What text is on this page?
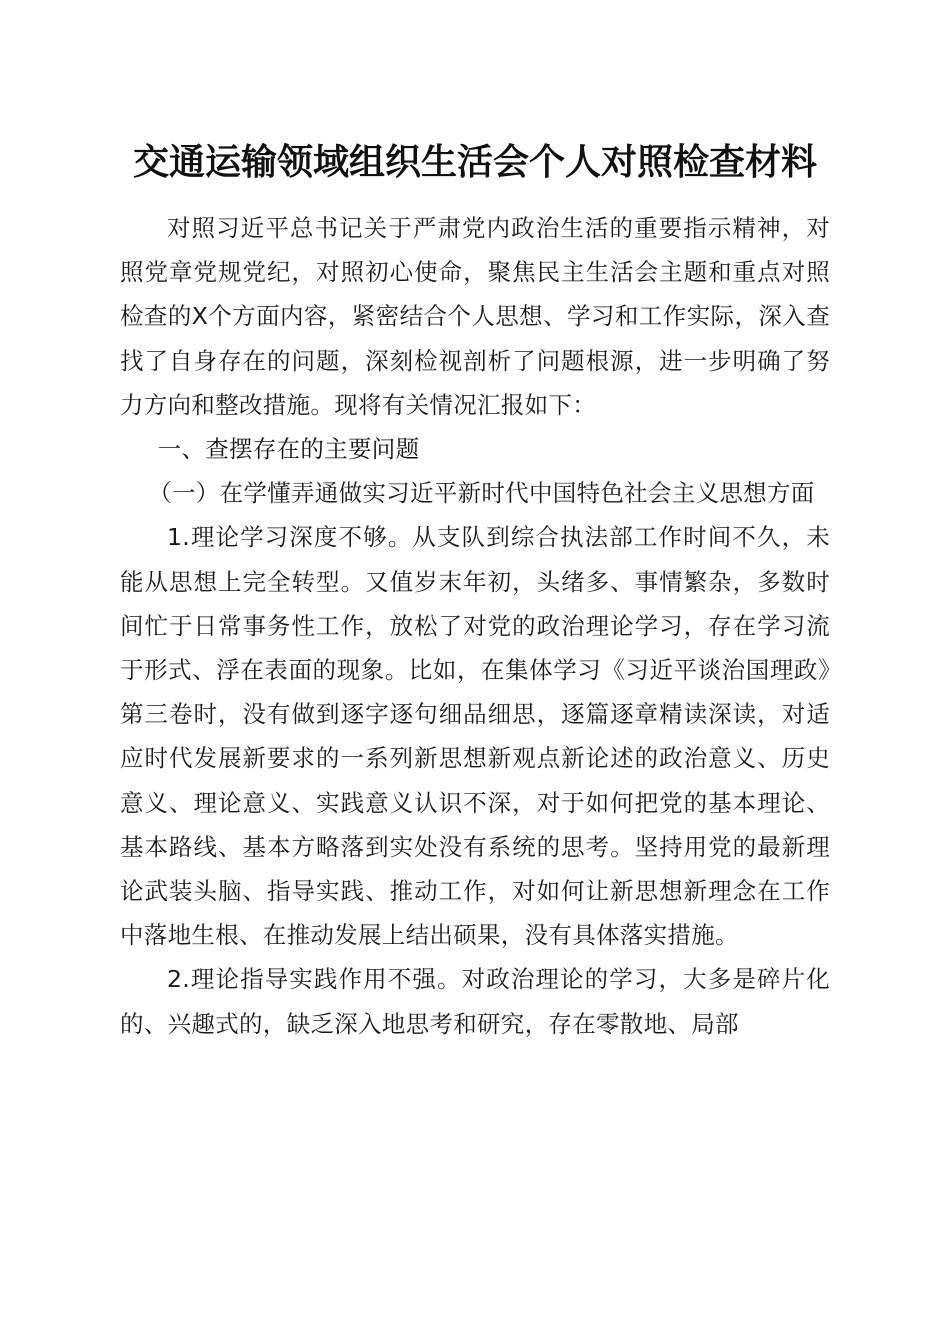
交通运输领域组织生活会个人对照检查材料

对照习近平总书记关于严肃党内政治生活的重要指示精神，对照党章党规党纪，对照初心使命，聚焦民主生活会主题和重点对照检查的X个方面内容，紧密结合个人思想、学习和工作实际，深入查找了自身存在的问题，深刻检视剖析了问题根源，进一步明确了努力方向和整改措施。现将有关情况汇报如下：

一、查摆存在的主要问题

（一）在学懂弄通做实习近平新时代中国特色社会主义思想方面

1.理论学习深度不够。从支队到综合执法部工作时间不久，未能从思想上完全转型。又值岁末年初，头绪多、事情繁杂，多数时间忙于日常事务性工作，放松了对党的政治理论学习，存在学习流于形式、浮在表面的现象。比如，在集体学习《习近平谈治国理政》第三卷时，没有做到逐字逐句细品细思，逐篇逐章精读深读，对适应时代发展新要求的一系列新思想新观点新论述的政治意义、历史意义、理论意义、实践意义认识不深，对于如何把党的基本理论、基本路线、基本方略落到实处没有系统的思考。坚持用党的最新理论武装头脑、指导实践、推动工作，对如何让新思想新理念在工作中落地生根、在推动发展上结出硕果，没有具体落实措施。

2.理论指导实践作用不强。对政治理论的学习，大多是碎片化的、兴趣式的，缺乏深入地思考和研究，存在零散地、局部
